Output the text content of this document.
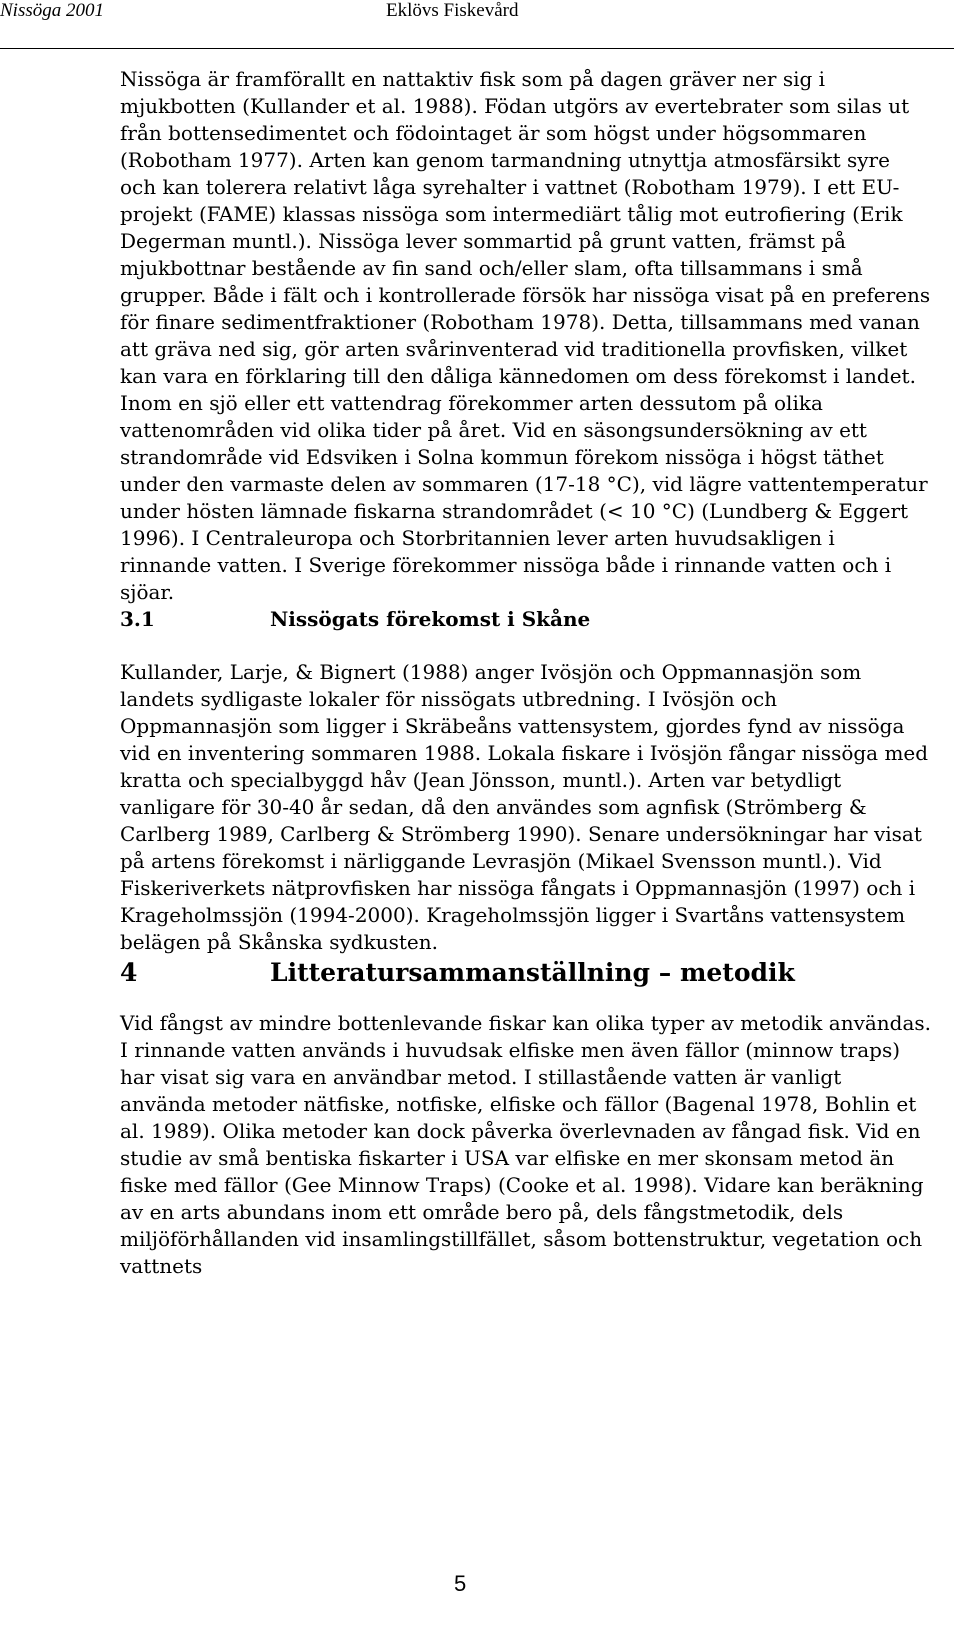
Nissöga 2001	Eklövs Fiskevård

Nissöga är framförallt en nattaktiv fisk som på dagen gräver ner sig i mjukbotten (Kullander et al. 1988). Födan utgörs av evertebrater som silas ut från bottensedimentet och födointaget är som högst under högsommaren (Robotham 1977). Arten kan genom tarmandning utnyttja atmosfärsikt syre och kan tolerera relativt låga syrehalter i vattnet (Robotham 1979). I ett EU-projekt (FAME) klassas nissöga som intermediärt tålig mot eutrofiering (Erik Degerman muntl.). Nissöga lever sommartid på grunt vatten, främst på mjukbottnar bestående av fin sand och/eller slam, ofta tillsammans i små grupper. Både i fält och i kontrollerade försök har nissöga visat på en preferens för finare sedimentfraktioner (Robotham 1978). Detta, tillsammans med vanan att gräva ned sig, gör arten svårinventerad vid traditionella provfisken, vilket kan vara en förklaring till den dåliga kännedomen om dess förekomst i landet.

Inom en sjö eller ett vattendrag förekommer arten dessutom på olika vattenområden vid olika tider på året. Vid en säsongsundersökning av ett strandområde vid Edsviken i Solna kommun förekom nissöga i högst täthet under den varmaste delen av sommaren (17-18 °C), vid lägre vattentemperatur under hösten lämnade fiskarna strandområdet (< 10 °C) (Lundberg & Eggert 1996). I Centraleuropa och Storbritannien lever arten huvudsakligen i rinnande vatten. I Sverige förekommer nissöga både i rinnande vatten och i sjöar.

3.1	Nissögats förekomst i Skåne

Kullander, Larje, & Bignert (1988) anger Ivösjön och Oppmannasjön som landets sydligaste lokaler för nissögats utbredning. I Ivösjön och Oppmannasjön som ligger i Skräbeåns vattensystem, gjordes fynd av nissöga vid en inventering sommaren 1988. Lokala fiskare i Ivösjön fångar nissöga med kratta och specialbyggd håv (Jean Jönsson, muntl.). Arten var betydligt vanligare för 30-40 år sedan, då den användes som agnfisk (Strömberg & Carlberg 1989, Carlberg & Strömberg 1990). Senare undersökningar har visat på artens förekomst i närliggande Levrasjön (Mikael Svensson muntl.). Vid Fiskeriverkets nätprovfisken har nissöga fångats i Oppmannasjön (1997) och i Krageholmssjön (1994-2000). Krageholmssjön ligger i Svartåns vattensystem belägen på Skånska sydkusten.

4	Litteratursammanställning – metodik

Vid fångst av mindre bottenlevande fiskar kan olika typer av metodik användas. I rinnande vatten används i huvudsak elfiske men även fällor (minnow traps) har visat sig vara en användbar metod. I stillastående vatten är vanligt använda metoder nätfiske, notfiske, elfiske och fällor (Bagenal 1978, Bohlin et al. 1989). Olika metoder kan dock påverka överlevnaden av fångad fisk. Vid en studie av små bentiska fiskarter i USA var elfiske en mer skonsam metod än fiske med fällor (Gee Minnow Traps) (Cooke et al. 1998). Vidare kan beräkning av en arts abundans inom ett område bero på, dels fångstmetodik, dels miljöförhållanden vid insamlingstillfället, såsom bottenstruktur, vegetation och vattnets

5
